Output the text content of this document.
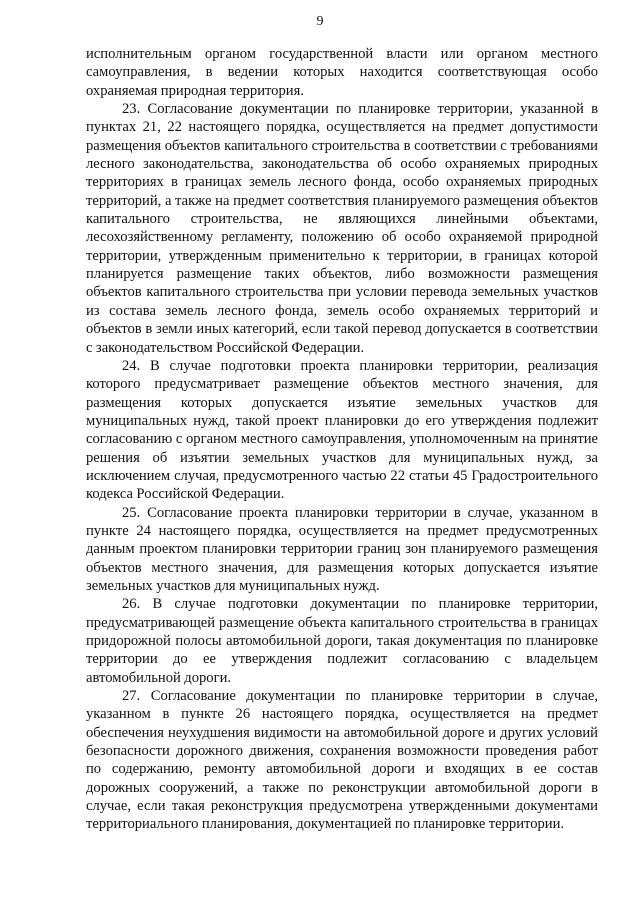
9

исполнительным органом государственной власти или органом местного самоуправления, в ведении которых находится соответствующая особо охраняемая природная территория.

23. Согласование документации по планировке территории, указанной в пунктах 21, 22 настоящего порядка, осуществляется на предмет допустимости размещения объектов капитального строительства в соответствии с требованиями лесного законодательства, законодательства об особо охраняемых природных территориях в границах земель лесного фонда, особо охраняемых природных территорий, а также на предмет соответствия планируемого размещения объектов капитального строительства, не являющихся линейными объектами, лесохозяйственному регламенту, положению об особо охраняемой природной территории, утвержденным применительно к территории, в границах которой планируется размещение таких объектов, либо возможности размещения объектов капитального строительства при условии перевода земельных участков из состава земель лесного фонда, земель особо охраняемых территорий и объектов в земли иных категорий, если такой перевод допускается в соответствии с законодательством Российской Федерации.

24. В случае подготовки проекта планировки территории, реализация которого предусматривает размещение объектов местного значения, для размещения которых допускается изъятие земельных участков для муниципальных нужд, такой проект планировки до его утверждения подлежит согласованию с органом местного самоуправления, уполномоченным на принятие решения об изъятии земельных участков для муниципальных нужд, за исключением случая, предусмотренного частью 22 статьи 45 Градостроительного кодекса Российской Федерации.

25. Согласование проекта планировки территории в случае, указанном в пункте 24 настоящего порядка, осуществляется на предмет предусмотренных данным проектом планировки территории границ зон планируемого размещения объектов местного значения, для размещения которых допускается изъятие земельных участков для муниципальных нужд.

26. В случае подготовки документации по планировке территории, предусматривающей размещение объекта капитального строительства в границах придорожной полосы автомобильной дороги, такая документация по планировке территории до ее утверждения подлежит согласованию с владельцем автомобильной дороги.

27. Согласование документации по планировке территории в случае, указанном в пункте 26 настоящего порядка, осуществляется на предмет обеспечения неухудшения видимости на автомобильной дороге и других условий безопасности дорожного движения, сохранения возможности проведения работ по содержанию, ремонту автомобильной дороги и входящих в ее состав дорожных сооружений, а также по реконструкции автомобильной дороги в случае, если такая реконструкция предусмотрена утвержденными документами территориального планирования, документацией по планировке территории.
